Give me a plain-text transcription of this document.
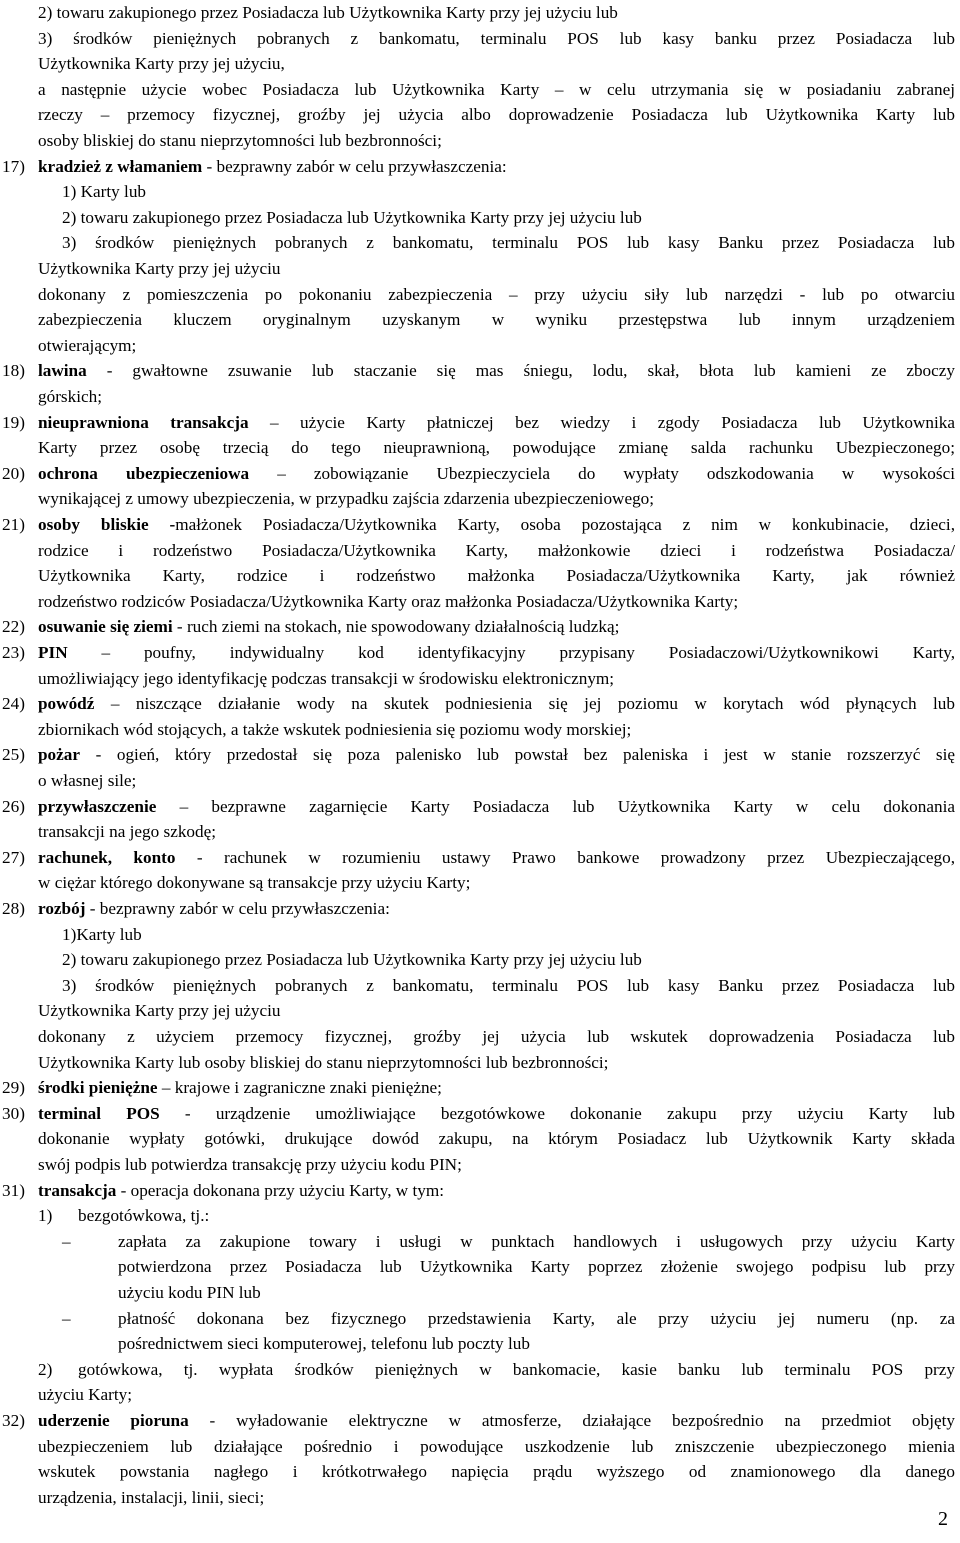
2) towaru zakupionego przez Posiadacza lub Użytkownika Karty przy jej użyciu lub
3) środków pieniężnych pobranych z bankomatu, terminalu POS lub kasy banku przez Posiadacza lub
Użytkownika Karty przy jej użyciu,
a następnie użycie wobec Posiadacza lub Użytkownika Karty – w celu utrzymania się w posiadaniu zabranej
rzeczy – przemocy fizycznej, groźby jej użycia albo doprowadzenie Posiadacza lub Użytkownika Karty lub
osoby bliskiej do stanu nieprzytomności lub bezbronności;
17) kradzież z włamaniem - bezprawny zabór w celu przywłaszczenia:
1) Karty lub
2) towaru zakupionego przez Posiadacza lub Użytkownika Karty przy jej użyciu lub
3) środków pieniężnych pobranych z bankomatu, terminalu POS lub kasy Banku przez Posiadacza lub
Użytkownika Karty przy jej użyciu
dokonany z pomieszczenia po pokonaniu zabezpieczenia – przy użyciu siły lub narzędzi - lub po otwarciu
zabezpieczenia kluczem oryginalnym uzyskanym w wyniku przestępstwa lub innym urządzeniem
otwierającym;
18) lawina - gwałtowne zsuwanie lub staczanie się mas śniegu, lodu, skał, błota lub kamieni ze zboczy
górskich;
19) nieuprawniona transakcja – użycie Karty płatniczej bez wiedzy i zgody Posiadacza lub Użytkownika
Karty przez osobę trzecią do tego nieuprawnioną, powodujące zmianę salda rachunku Ubezpieczonego;
20) ochrona ubezpieczeniowa – zobowiązanie Ubezpieczyciela do wypłaty odszkodowania w wysokości
wynikającej z umowy ubezpieczenia, w przypadku zajścia zdarzenia ubezpieczeniowego;
21) osoby bliskie -małżonek Posiadacza/Użytkownika Karty, osoba pozostająca z nim w konkubinacie, dzieci,
rodzice i rodzeństwo Posiadacza/Użytkownika Karty, małżonkowie dzieci i rodzeństwa Posiadacza/
Użytkownika Karty, rodzice i rodzeństwo małżonka Posiadacza/Użytkownika Karty, jak również
rodzeństwo rodziców Posiadacza/Użytkownika Karty oraz małżonka Posiadacza/Użytkownika Karty;
22) osuwanie się ziemi - ruch ziemi na stokach, nie spowodowany działalnością ludzką;
23) PIN – poufny, indywidualny kod identyfikacyjny przypisany Posiadaczowi/Użytkownikowi Karty,
umożliwiający jego identyfikację podczas transakcji w środowisku elektronicznym;
24) powódź – niszczące działanie wody na skutek podniesienia się jej poziomu w korytach wód płynących lub
zbiornikach wód stojących, a także wskutek podniesienia się poziomu wody morskiej;
25) pożar - ogień, który przedostał się poza palenisko lub powstał bez paleniska i jest w stanie rozszerzyć się
o własnej sile;
26) przywłaszczenie – bezprawne zagarnięcie Karty Posiadacza lub Użytkownika Karty w celu dokonania
transakcji na jego szkodę;
27) rachunek, konto - rachunek w rozumieniu ustawy Prawo bankowe prowadzony przez Ubezpieczającego,
w ciężar którego dokonywane są transakcje przy użyciu Karty;
28) rozbój - bezprawny zabór w celu przywłaszczenia:
1)Karty lub
2) towaru zakupionego przez Posiadacza lub Użytkownika Karty przy jej użyciu lub
3) środków pieniężnych pobranych z bankomatu, terminalu POS lub kasy Banku przez Posiadacza lub
Użytkownika Karty przy jej użyciu
dokonany z użyciem przemocy fizycznej, groźby jej użycia lub wskutek doprowadzenia Posiadacza lub
Użytkownika Karty lub osoby bliskiej do stanu nieprzytomności lub bezbronności;
29) środki pieniężne – krajowe i zagraniczne znaki pieniężne;
30) terminal POS - urządzenie umożliwiające bezgotówkowe dokonanie zakupu przy użyciu Karty lub
dokonanie wypłaty gotówki, drukujące dowód zakupu, na którym Posiadacz lub Użytkownik Karty składa
swój podpis lub potwierdza transakcję przy użyciu kodu PIN;
31) transakcja - operacja dokonana przy użyciu Karty, w tym:
1) bezgotówkowa, tj.:
–	zapłata za zakupione towary i usługi w punktach handlowych i usługowych przy użyciu Karty
potwierdzona przez Posiadacza lub Użytkownika Karty poprzez złożenie swojego podpisu lub przy
użyciu kodu PIN lub
–	płatność dokonana bez fizycznego przedstawienia Karty, ale przy użyciu jej numeru (np. za
pośrednictwem sieci komputerowej, telefonu lub poczty lub
2) gotówkowa, tj. wypłata środków pieniężnych w bankomacie, kasie banku lub terminalu POS przy
użyciu Karty;
32) uderzenie pioruna - wyładowanie elektryczne w atmosferze, działające bezpośrednio na przedmiot objęty
ubezpieczeniem lub działające pośrednio i powodujące uszkodzenie lub zniszczenie ubezpieczonego mienia
wskutek powstania nagłego i krótkotrwałego napięcia prądu wyższego od znamionowego dla danego
urządzenia, instalacji, linii, sieci;
2
